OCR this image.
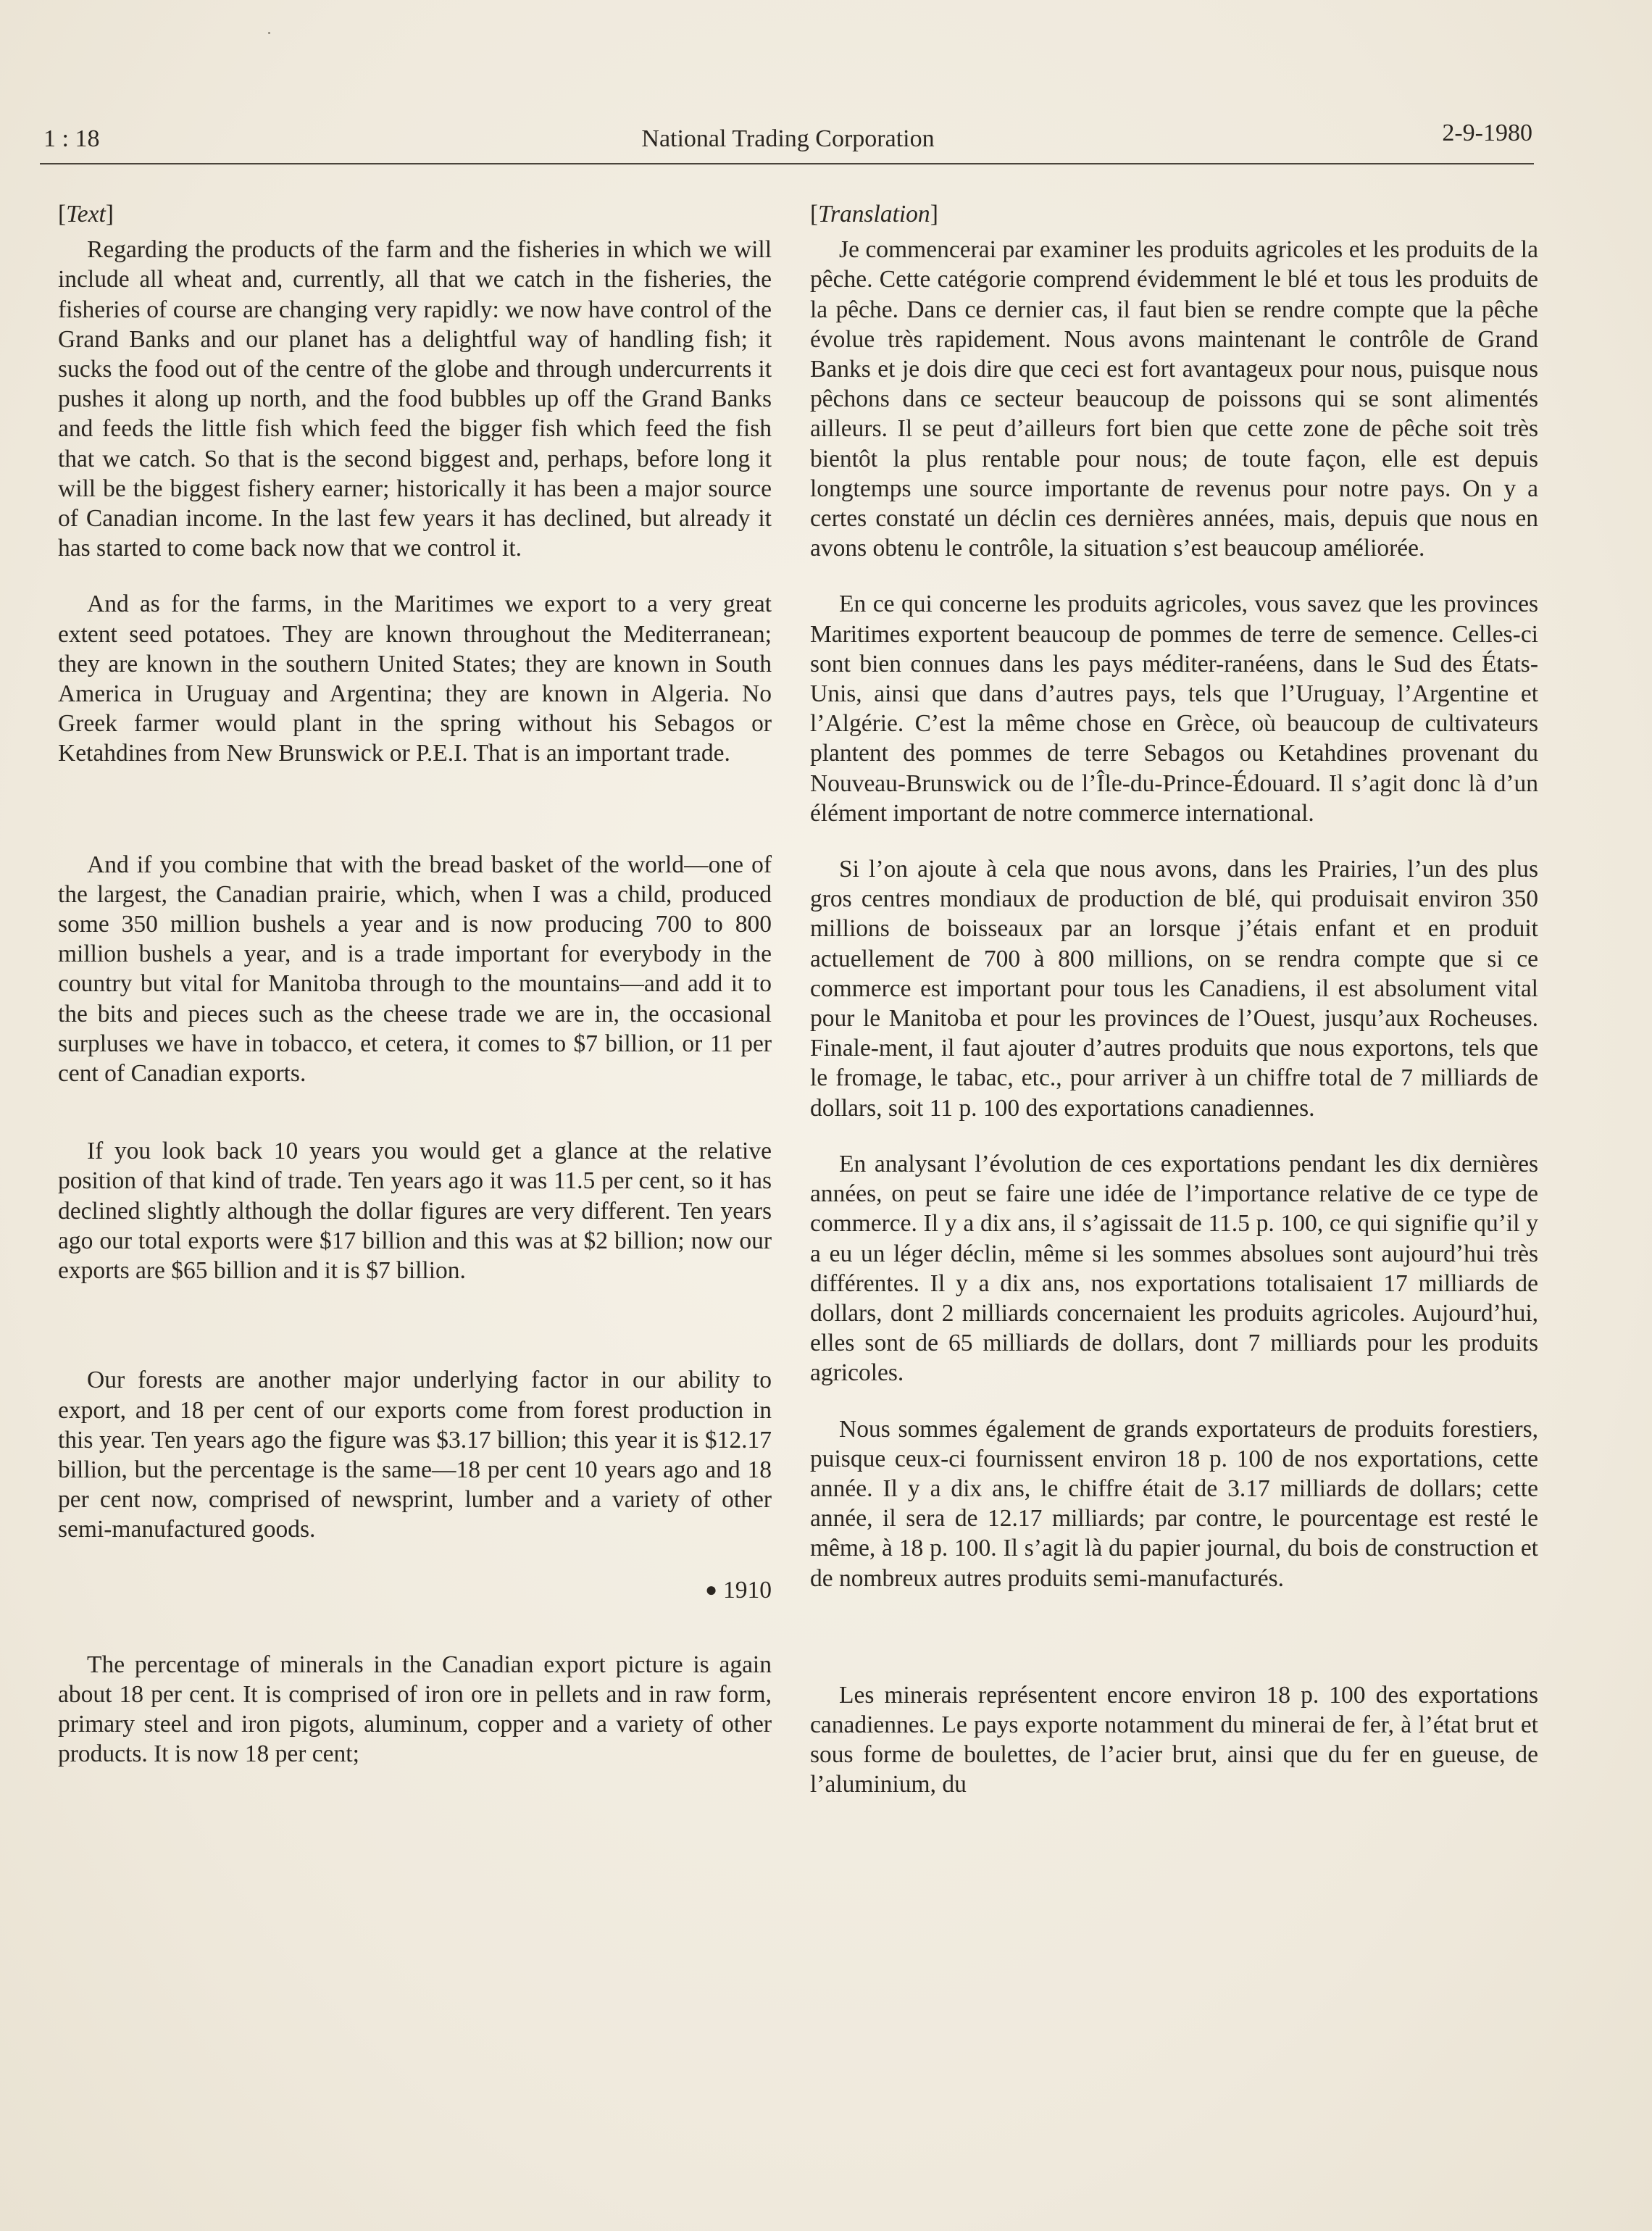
1 : 18	National Trading Corporation	2-9-1980

[Text]

Regarding the products of the farm and the fisheries in which we will include all wheat and, currently, all that we catch in the fisheries, the fisheries of course are changing very rapidly: we now have control of the Grand Banks and our planet has a delightful way of handling fish; it sucks the food out of the centre of the globe and through undercurrents it pushes it along up north, and the food bubbles up off the Grand Banks and feeds the little fish which feed the bigger fish which feed the fish that we catch. So that is the second biggest and, perhaps, before long it will be the biggest fishery earner; historically it has been a major source of Canadian income. In the last few years it has declined, but already it has started to come back now that we control it.

And as for the farms, in the Maritimes we export to a very great extent seed potatoes. They are known throughout the Mediterranean; they are known in the southern United States; they are known in South America in Uruguay and Argentina; they are known in Algeria. No Greek farmer would plant in the spring without his Sebagos or Ketahdines from New Brunswick or P.E.I. That is an important trade.

And if you combine that with the bread basket of the world—one of the largest, the Canadian prairie, which, when I was a child, produced some 350 million bushels a year and is now producing 700 to 800 million bushels a year, and is a trade important for everybody in the country but vital for Manitoba through to the mountains—and add it to the bits and pieces such as the cheese trade we are in, the occasional surpluses we have in tobacco, et cetera, it comes to $7 billion, or 11 per cent of Canadian exports.

If you look back 10 years you would get a glance at the relative position of that kind of trade. Ten years ago it was 11.5 per cent, so it has declined slightly although the dollar figures are very different. Ten years ago our total exports were $17 billion and this was at $2 billion; now our exports are $65 billion and it is $7 billion.

Our forests are another major underlying factor in our ability to export, and 18 per cent of our exports come from forest production in this year. Ten years ago the figure was $3.17 billion; this year it is $12.17 billion, but the percentage is the same—18 per cent 10 years ago and 18 per cent now, comprised of newsprint, lumber and a variety of other semi-manufactured goods.

● 1910

The percentage of minerals in the Canadian export picture is again about 18 per cent. It is comprised of iron ore in pellets and in raw form, primary steel and iron pigots, aluminum, copper and a variety of other products. It is now 18 per cent;

[Translation]

Je commencerai par examiner les produits agricoles et les produits de la pêche. Cette catégorie comprend évidemment le blé et tous les produits de la pêche. Dans ce dernier cas, il faut bien se rendre compte que la pêche évolue très rapidement. Nous avons maintenant le contrôle de Grand Banks et je dois dire que ceci est fort avantageux pour nous, puisque nous pêchons dans ce secteur beaucoup de poissons qui se sont alimentés ailleurs. Il se peut d’ailleurs fort bien que cette zone de pêche soit très bientôt la plus rentable pour nous; de toute façon, elle est depuis longtemps une source importante de revenus pour notre pays. On y a certes constaté un déclin ces dernières années, mais, depuis que nous en avons obtenu le contrôle, la situation s’est beaucoup améliorée.

En ce qui concerne les produits agricoles, vous savez que les provinces Maritimes exportent beaucoup de pommes de terre de semence. Celles-ci sont bien connues dans les pays méditer-ranéens, dans le Sud des États-Unis, ainsi que dans d’autres pays, tels que l’Uruguay, l’Argentine et l’Algérie. C’est la même chose en Grèce, où beaucoup de cultivateurs plantent des pommes de terre Sebagos ou Ketahdines provenant du Nouveau-Brunswick ou de l’Île-du-Prince-Édouard. Il s’agit donc là d’un élément important de notre commerce international.

Si l’on ajoute à cela que nous avons, dans les Prairies, l’un des plus gros centres mondiaux de production de blé, qui produisait environ 350 millions de boisseaux par an lorsque j’étais enfant et en produit actuellement de 700 à 800 millions, on se rendra compte que si ce commerce est important pour tous les Canadiens, il est absolument vital pour le Manitoba et pour les provinces de l’Ouest, jusqu’aux Rocheuses. Finale-ment, il faut ajouter d’autres produits que nous exportons, tels que le fromage, le tabac, etc., pour arriver à un chiffre total de 7 milliards de dollars, soit 11 p. 100 des exportations canadiennes.

En analysant l’évolution de ces exportations pendant les dix dernières années, on peut se faire une idée de l’importance relative de ce type de commerce. Il y a dix ans, il s’agissait de 11.5 p. 100, ce qui signifie qu’il y a eu un léger déclin, même si les sommes absolues sont aujourd’hui très différentes. Il y a dix ans, nos exportations totalisaient 17 milliards de dollars, dont 2 milliards concernaient les produits agricoles. Aujourd’hui, elles sont de 65 milliards de dollars, dont 7 milliards pour les produits agricoles.

Nous sommes également de grands exportateurs de produits forestiers, puisque ceux-ci fournissent environ 18 p. 100 de nos exportations, cette année. Il y a dix ans, le chiffre était de 3.17 milliards de dollars; cette année, il sera de 12.17 milliards; par contre, le pourcentage est resté le même, à 18 p. 100. Il s’agit là du papier journal, du bois de construction et de nombreux autres produits semi-manufacturés.

Les minerais représentent encore environ 18 p. 100 des exportations canadiennes. Le pays exporte notamment du minerai de fer, à l’état brut et sous forme de boulettes, de l’acier brut, ainsi que du fer en gueuse, de l’aluminium, du
